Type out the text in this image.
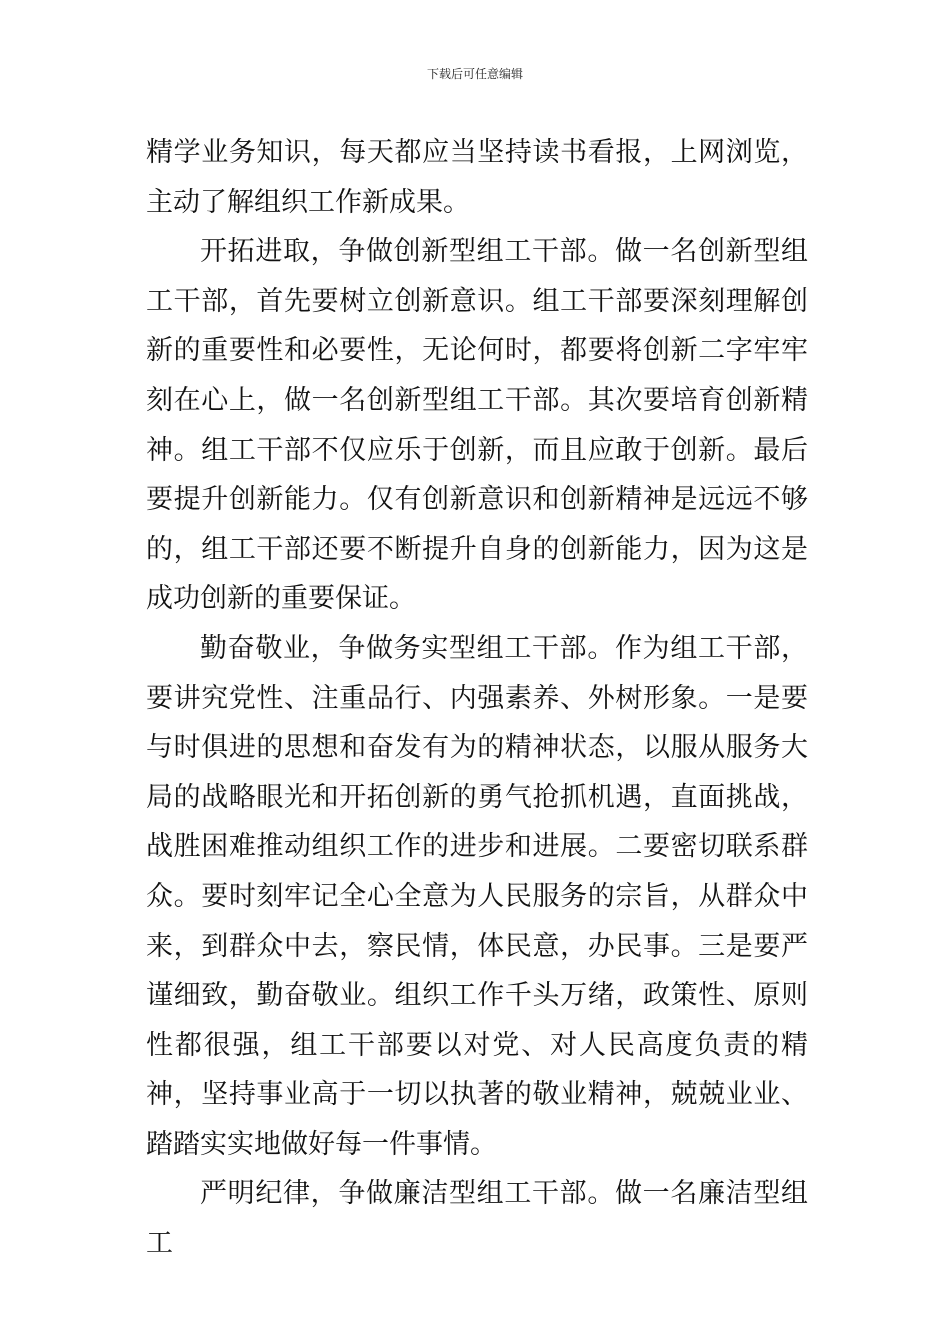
下载后可任意编辑

精学业务知识，每天都应当坚持读书看报，上网浏览，主动了解组织工作新成果。

开拓进取，争做创新型组工干部。做一名创新型组工干部，首先要树立创新意识。组工干部要深刻理解创新的重要性和必要性，无论何时，都要将创新二字牢牢刻在心上，做一名创新型组工干部。其次要培育创新精神。组工干部不仅应乐于创新，而且应敢于创新。最后要提升创新能力。仅有创新意识和创新精神是远远不够的，组工干部还要不断提升自身的创新能力，因为这是成功创新的重要保证。

勤奋敬业，争做务实型组工干部。作为组工干部，要讲究党性、注重品行、内强素养、外树形象。一是要与时俱进的思想和奋发有为的精神状态，以服从服务大局的战略眼光和开拓创新的勇气抢抓机遇，直面挑战，战胜困难推动组织工作的进步和进展。二要密切联系群众。要时刻牢记全心全意为人民服务的宗旨，从群众中来，到群众中去，察民情，体民意，办民事。三是要严谨细致，勤奋敬业。组织工作千头万绪，政策性、原则性都很强，组工干部要以对党、对人民高度负责的精神，坚持事业高于一切以执著的敬业精神，兢兢业业、踏踏实实地做好每一件事情。

严明纪律，争做廉洁型组工干部。做一名廉洁型组工
